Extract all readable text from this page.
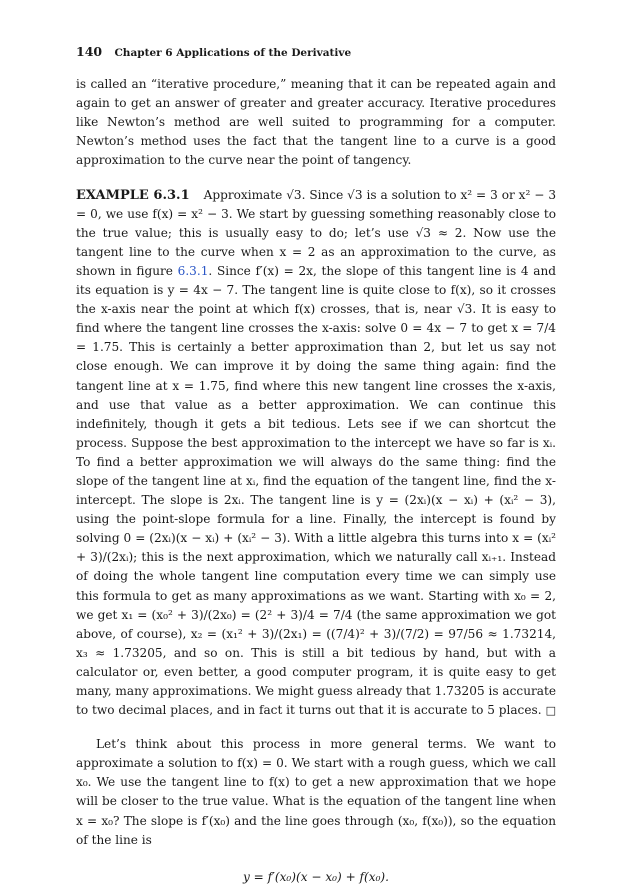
140 Chapter 6 Applications of the Derivative

is called an “iterative procedure,” meaning that it can be repeated again and again to get an answer of greater and greater accuracy. Iterative procedures like Newton’s method are well suited to programming for a computer. Newton’s method uses the fact that the tangent line to a curve is a good approximation to the curve near the point of tangency.

EXAMPLE 6.3.1 Approximate √3. Since √3 is a solution to x² = 3 or x² − 3 = 0, we use f(x) = x² − 3. We start by guessing something reasonably close to the true value; this is usually easy to do; let’s use √3 ≈ 2. Now use the tangent line to the curve when x = 2 as an approximation to the curve, as shown in figure 6.3.1. Since f′(x) = 2x, the slope of this tangent line is 4 and its equation is y = 4x − 7. The tangent line is quite close to f(x), so it crosses the x-axis near the point at which f(x) crosses, that is, near √3. It is easy to find where the tangent line crosses the x-axis: solve 0 = 4x − 7 to get x = 7/4 = 1.75. This is certainly a better approximation than 2, but let us say not close enough. We can improve it by doing the same thing again: find the tangent line at x = 1.75, find where this new tangent line crosses the x-axis, and use that value as a better approximation. We can continue this indefinitely, though it gets a bit tedious. Lets see if we can shortcut the process. Suppose the best approximation to the intercept we have so far is xᵢ. To find a better approximation we will always do the same thing: find the slope of the tangent line at xᵢ, find the equation of the tangent line, find the x-intercept. The slope is 2xᵢ. The tangent line is y = (2xᵢ)(x − xᵢ) + (xᵢ² − 3), using the point-slope formula for a line. Finally, the intercept is found by solving 0 = (2xᵢ)(x − xᵢ) + (xᵢ² − 3). With a little algebra this turns into x = (xᵢ² + 3)/(2xᵢ); this is the next approximation, which we naturally call xᵢ₊₁. Instead of doing the whole tangent line computation every time we can simply use this formula to get as many approximations as we want. Starting with x₀ = 2, we get x₁ = (x₀² + 3)/(2x₀) = (2² + 3)/4 = 7/4 (the same approximation we got above, of course), x₂ = (x₁² + 3)/(2x₁) = ((7/4)² + 3)/(7/2) = 97/56 ≈ 1.73214, x₃ ≈ 1.73205, and so on. This is still a bit tedious by hand, but with a calculator or, even better, a good computer program, it is quite easy to get many, many approximations. We might guess already that 1.73205 is accurate to two decimal places, and in fact it turns out that it is accurate to 5 places. □

Let’s think about this process in more general terms. We want to approximate a solution to f(x) = 0. We start with a rough guess, which we call x₀. We use the tangent line to f(x) to get a new approximation that we hope will be closer to the true value. What is the equation of the tangent line when x = x₀? The slope is f′(x₀) and the line goes through (x₀, f(x₀)), so the equation of the line is

y = f′(x₀)(x − x₀) + f(x₀).
